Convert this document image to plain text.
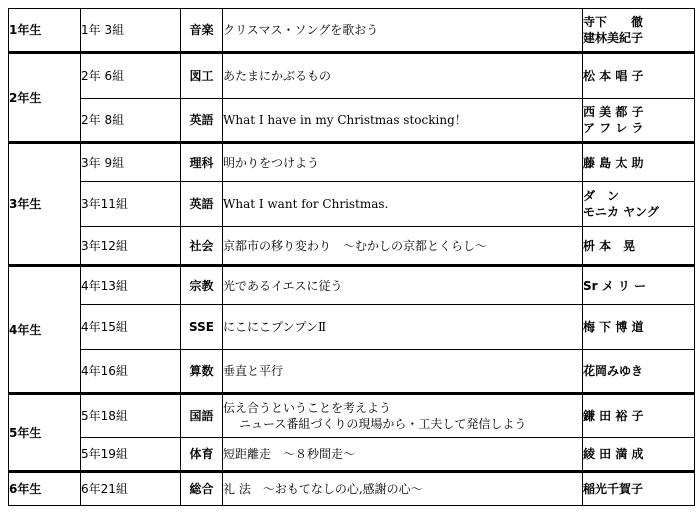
1年生	1年 3組	音楽	クリスマス・ソングを歌おう	寺下　　徹
建林美紀子

2年生	2年 6組	図工	あたまにかぶるもの	松 本 唱 子

	2年 8組	英語	What I have in my Christmas stocking！	西 美 都 子
ア フ レ ラ

3年生	3年 9組	理科	明かりをつけよう	藤 島 太 助

	3年11組	英語	What I want for Christmas.	ダ　ン
モニカ ヤング

	3年12組	社会	京都市の移り変わり　～むかしの京都とくらし～	枡 本　晃

4年生	4年13組	宗教	光であるイエスに従う	Sr メ リ ー

	4年15組	SSE	にこにこプンプンⅡ	梅 下 博 道

	4年16組	算数	垂直と平行	花岡みゆき

5年生	5年18組	国語	伝え合うということを考えよう
ニュース番組づくりの現場から・工夫して発信しよう	鎌 田 裕 子

	5年19組	体育	短距離走　～８秒間走～	綾 田 満 成

6年生	6年21組	総合	礼 法　～おもてなしの心,感謝の心～	稲光千賀子
